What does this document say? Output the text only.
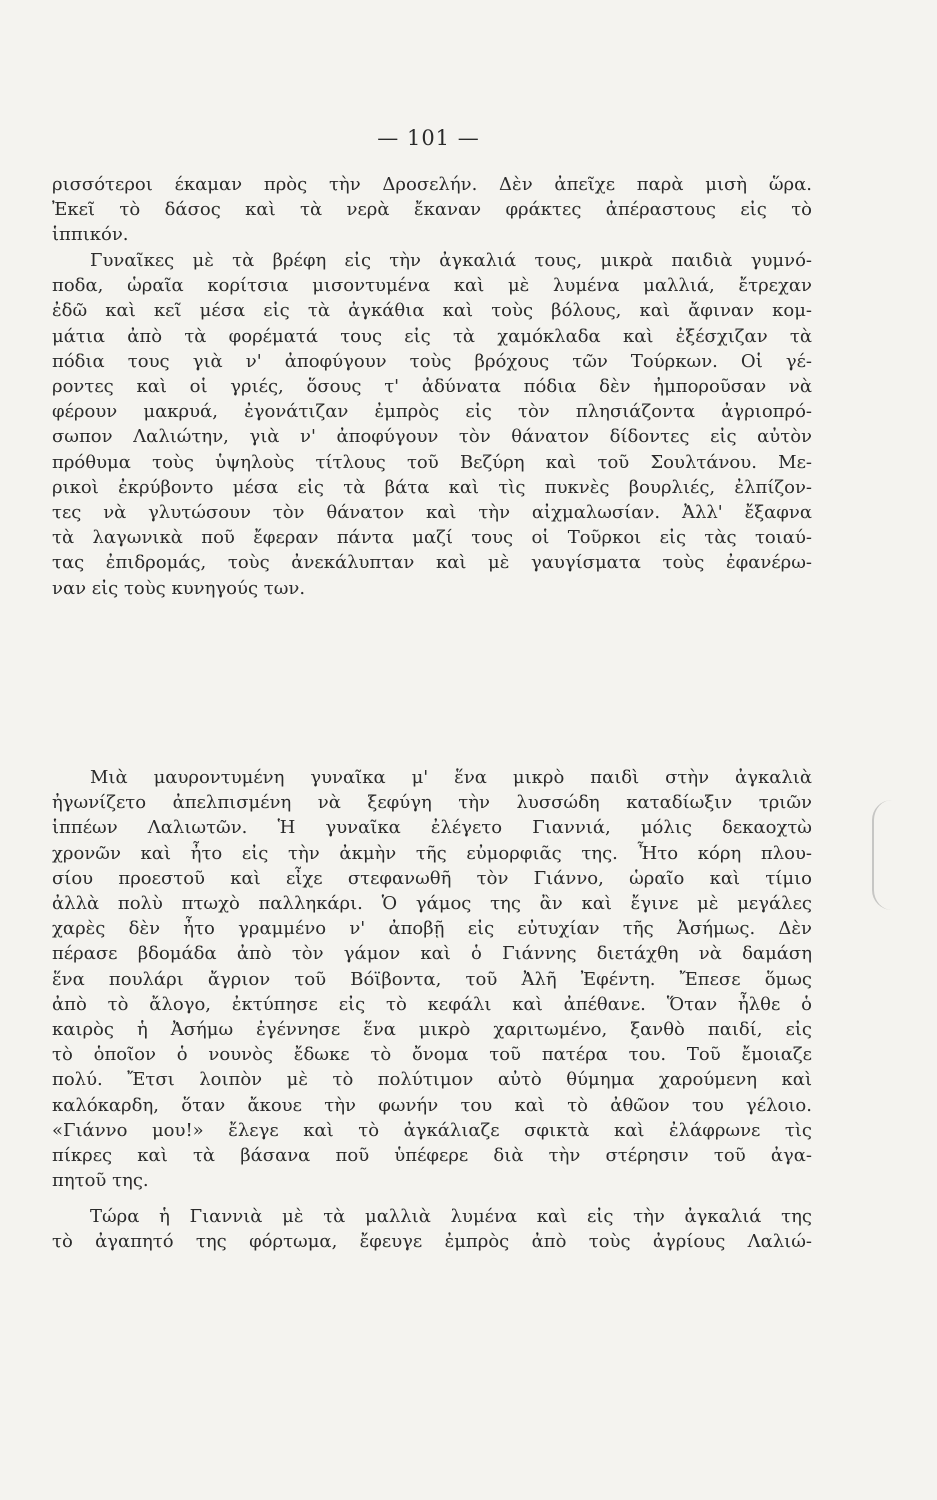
— 101 —
ρισσότεροι έκαμαν πρὸς τὴν Δροσελήν. Δὲν ἀπεῖχε παρὰ μισὴ ὥρα.
Ἐκεῖ τὸ δάσος καὶ τὰ νερὰ ἔκαναν φράκτες ἀπέραστους εἰς τὸ
ἱππικόν.
Γυναῖκες μὲ τὰ βρέφη εἰς τὴν ἀγκαλιά τους, μικρὰ παιδιὰ γυμνό-
ποδα, ὡραῖα κορίτσια μισοντυμένα καὶ μὲ λυμένα μαλλιά, ἔτρεχαν
ἐδῶ καὶ κεῖ μέσα εἰς τὰ ἀγκάθια καὶ τοὺς βόλους, καὶ ἄφιναν κομ-
μάτια ἀπὸ τὰ φορέματά τους εἰς τὰ χαμόκλαδα καὶ ἐξέσχιζαν τὰ
πόδια τους γιὰ ν' ἀποφύγουν τοὺς βρόχους τῶν Τούρκων. Οἱ γέ-
ροντες καὶ οἱ γριές, ὅσους τ' ἀδύνατα πόδια δὲν ἠμποροῦσαν νὰ
φέρουν μακρυά, ἐγονάτιζαν ἐμπρὸς εἰς τὸν πλησιάζοντα ἀγριοπρό-
σωπον Λαλιώτην, γιὰ ν' ἀποφύγουν τὸν θάνατον δίδοντες εἰς αὐτὸν
πρόθυμα τοὺς ὑψηλοὺς τίτλους τοῦ Βεζύρη καὶ τοῦ Σουλτάνου. Με-
ρικοὶ ἐκρύβοντο μέσα εἰς τὰ βάτα καὶ τὶς πυκνὲς βουρλιές, ἐλπίζον-
τες νὰ γλυτώσουν τὸν θάνατον καὶ τὴν αἰχμαλωσίαν. Ἀλλ' ἔξαφνα
τὰ λαγωνικὰ ποῦ ἔφεραν πάντα μαζί τους οἱ Τοῦρκοι εἰς τὰς τοιαύ-
τας ἐπιδρομάς, τοὺς ἀνεκάλυπταν καὶ μὲ γαυγίσματα τοὺς ἐφανέρω-
ναν εἰς τοὺς κυνηγούς των.
Μιὰ μαυροντυμένη γυναῖκα μ' ἕνα μικρὸ παιδὶ στὴν ἀγκαλιὰ
ἠγωνίζετο ἀπελπισμένη νὰ ξεφύγη τὴν λυσσώδη καταδίωξιν τριῶν
ἱππέων Λαλιωτῶν. Ἡ γυναῖκα ἐλέγετο Γιαννιά, μόλις δεκαοχτὼ
χρονῶν καὶ ἦτο εἰς τὴν ἀκμὴν τῆς εὐμορφιᾶς της. Ἦτο κόρη πλου-
σίου προεστοῦ καὶ εἶχε στεφανωθῆ τὸν Γιάννο, ὡραῖο καὶ τίμιο
ἀλλὰ πολὺ πτωχὸ παλληκάρι. Ὁ γάμος της ἂν καὶ ἔγινε μὲ μεγάλες
χαρὲς δὲν ἦτο γραμμένο ν' ἀποβῇ εἰς εὐτυχίαν τῆς Ἀσήμως. Δὲν
πέρασε βδομάδα ἀπὸ τὸν γάμον καὶ ὁ Γιάννης διετάχθη νὰ δαμάση
ἕνα πουλάρι ἄγριον τοῦ Βόϊβοντα, τοῦ Ἀλῆ Ἐφέντη. Ἔπεσε ὅμως
ἀπὸ τὸ ἄλογο, ἐκτύπησε εἰς τὸ κεφάλι καὶ ἀπέθανε. Ὅταν ἦλθε ὁ
καιρὸς ἡ Ἀσήμω ἐγέννησε ἕνα μικρὸ χαριτωμένο, ξανθὸ παιδί, εἰς
τὸ ὁποῖον ὁ νουνὸς ἔδωκε τὸ ὄνομα τοῦ πατέρα του. Τοῦ ἔμοιαζε
πολύ. Ἔτσι λοιπὸν μὲ τὸ πολύτιμον αὐτὸ θύμημα χαρούμενη καὶ
καλόκαρδη, ὅταν ἄκουε τὴν φωνήν του καὶ τὸ ἀθῶον του γέλοιο.
«Γιάννο μου!» ἔλεγε καὶ τὸ ἀγκάλιαζε σφικτὰ καὶ ἐλάφρωνε τὶς
πίκρες καὶ τὰ βάσανα ποῦ ὑπέφερε διὰ τὴν στέρησιν τοῦ ἀγα-
πητοῦ της.
Τώρα ἡ Γιαννιὰ μὲ τὰ μαλλιὰ λυμένα καὶ εἰς τὴν ἀγκαλιά της
τὸ ἀγαπητό της φόρτωμα, ἔφευγε ἐμπρὸς ἀπὸ τοὺς ἀγρίους Λαλιώ-
